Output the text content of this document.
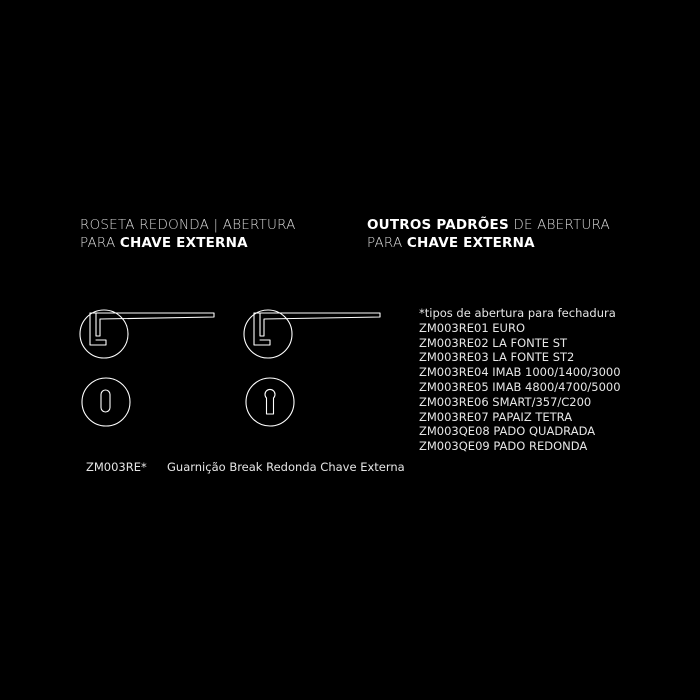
ROSETA REDONDA | ABERTURA
PARA CHAVE EXTERNA
OUTROS PADRÕES DE ABERTURA
PARA CHAVE EXTERNA
ZM003RE* Guarnição Break Redonda Chave Externa
*tipos de abertura para fechadura
ZM003RE01 EURO
ZM003RE02 LA FONTE ST
ZM003RE03 LA FONTE ST2
ZM003RE04 IMAB 1000/1400/3000
ZM003RE05 IMAB 4800/4700/5000
ZM003RE06 SMART/357/C200
ZM003RE07 PAPAIZ TETRA
ZM003QE08 PADO QUADRADA
ZM003QE09 PADO REDONDA
